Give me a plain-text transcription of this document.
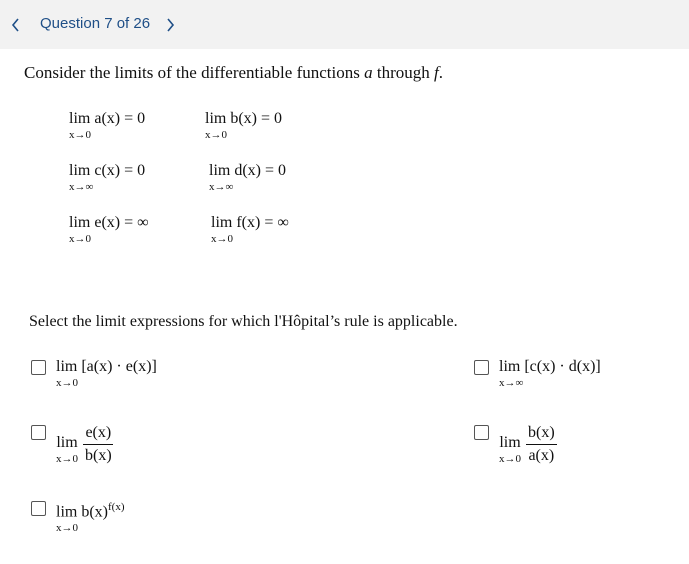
Question 7 of 26
Consider the limits of the differentiable functions a through f.
lim a(x) = 0
x→0
lim b(x) = 0
x→0
lim c(x) = 0
x→∞
lim d(x) = 0
x→∞
lim e(x) = ∞
x→0
lim f(x) = ∞
x→0
Select the limit expressions for which l'Hôpital’s rule is applicable.
lim [a(x) · e(x)]
x→0
lim [c(x) · d(x)]
x→∞
lim
$x\to 0 \frac{e(x)}{b(x)}$	lim
$x\to 0 \frac{b(x)}{a(x)}$
$\lim b(x)^{f(x)}$
x→0
